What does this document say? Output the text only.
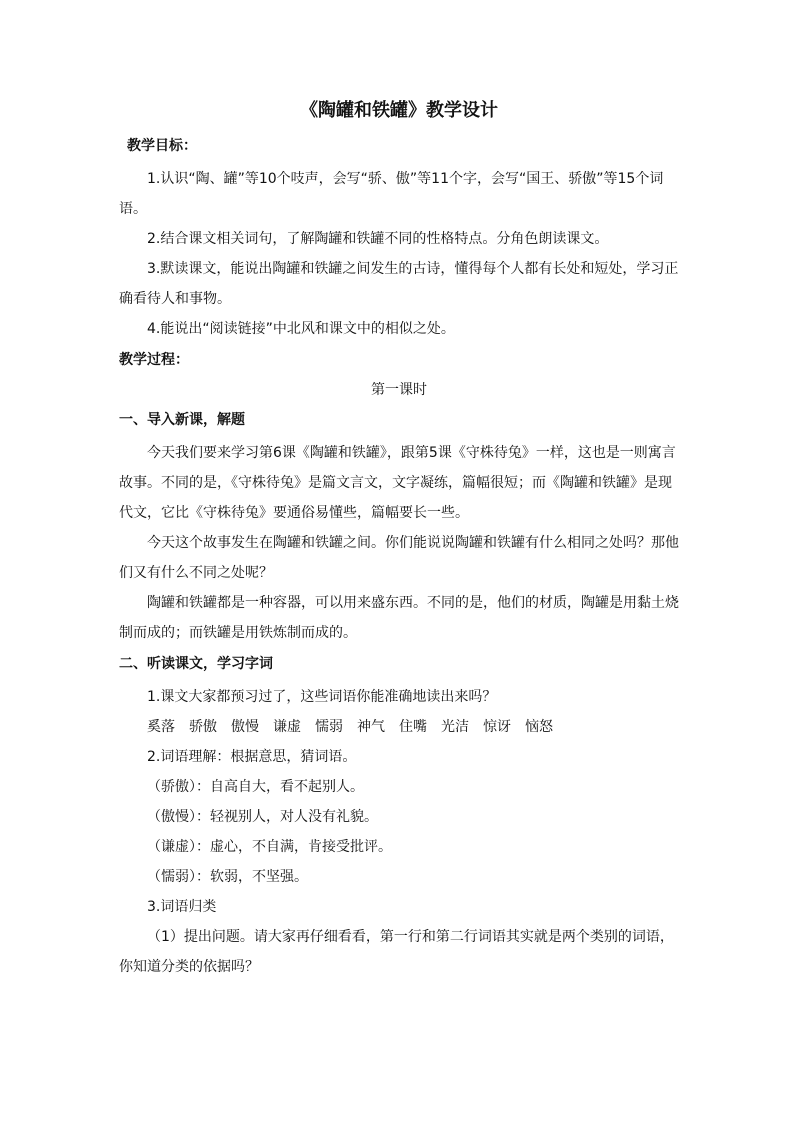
《陶罐和铁罐》教学设计
教学目标：

1.认识“陶、罐”等10个吱声，会写“骄、傲”等11个字，会写“国王、骄傲”等15个词语。

2.结合课文相关词句，了解陶罐和铁罐不同的性格特点。分角色朗读课文。

3.默读课文，能说出陶罐和铁罐之间发生的古诗，懂得每个人都有长处和短处，学习正确看待人和事物。

4.能说出“阅读链接”中北风和课文中的相似之处。

教学过程：
第一课时
一、导入新课，解题

今天我们要来学习第6课《陶罐和铁罐》，跟第5课《守株待兔》一样，这也是一则寓言故事。不同的是，《守株待兔》是篇文言文，文字凝练，篇幅很短；而《陶罐和铁罐》是现代文，它比《守株待兔》要通俗易懂些，篇幅要长一些。

今天这个故事发生在陶罐和铁罐之间。你们能说说陶罐和铁罐有什么相同之处吗？那他们又有什么不同之处呢？

陶罐和铁罐都是一种容器，可以用来盛东西。不同的是，他们的材质，陶罐是用黏土烧制而成的；而铁罐是用铁炼制而成的。

二、听读课文，学习字词

1.课文大家都预习过了，这些词语你能准确地读出来吗？

奚落 骄傲 傲慢 谦虚 懦弱 神气 住嘴 光洁 惊讶 恼怒

2.词语理解：根据意思，猜词语。

（骄傲）：自高自大，看不起别人。
（傲慢）：轻视别人，对人没有礼貌。
（谦虚）：虚心，不自满，肯接受批评。
（懦弱）：软弱，不坚强。

3.词语归类

（1）提出问题。请大家再仔细看看，第一行和第二行词语其实就是两个类别的词语，

你知道分类的依据吗？
